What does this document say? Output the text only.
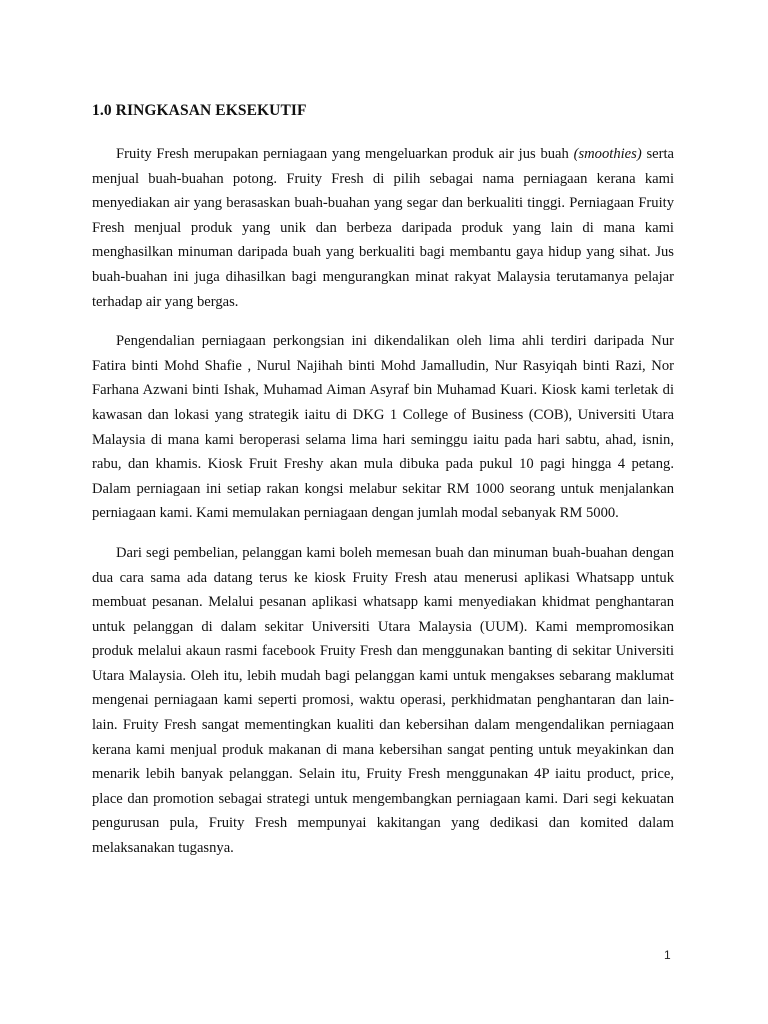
1.0 RINGKASAN EKSEKUTIF

Fruity Fresh merupakan perniagaan yang mengeluarkan produk air jus buah (smoothies) serta menjual buah-buahan potong. Fruity Fresh di pilih sebagai nama perniagaan kerana kami menyediakan air yang berasaskan buah-buahan yang segar dan berkualiti tinggi. Perniagaan Fruity Fresh menjual produk yang unik dan berbeza daripada produk yang lain di mana kami menghasilkan minuman daripada buah yang berkualiti bagi membantu gaya hidup yang sihat. Jus buah-buahan ini juga dihasilkan bagi mengurangkan minat rakyat Malaysia terutamanya pelajar terhadap air yang bergas.

Pengendalian perniagaan perkongsian ini dikendalikan oleh lima ahli terdiri daripada Nur Fatira binti Mohd Shafie , Nurul Najihah binti Mohd Jamalludin, Nur Rasyiqah binti Razi, Nor Farhana Azwani binti Ishak, Muhamad Aiman Asyraf bin Muhamad Kuari. Kiosk kami terletak di kawasan dan lokasi yang strategik iaitu di DKG 1 College of Business (COB), Universiti Utara Malaysia di mana kami beroperasi selama lima hari seminggu iaitu pada hari sabtu, ahad, isnin, rabu, dan khamis. Kiosk Fruit Freshy akan mula dibuka pada pukul 10 pagi hingga 4 petang. Dalam perniagaan ini setiap rakan kongsi melabur sekitar RM 1000 seorang untuk menjalankan perniagaan kami. Kami memulakan perniagaan dengan jumlah modal sebanyak RM 5000.

Dari segi pembelian, pelanggan kami boleh memesan buah dan minuman buah-buahan dengan dua cara sama ada datang terus ke kiosk Fruity Fresh atau menerusi aplikasi Whatsapp untuk membuat pesanan. Melalui pesanan aplikasi whatsapp kami menyediakan khidmat penghantaran untuk pelanggan di dalam sekitar Universiti Utara Malaysia (UUM). Kami mempromosikan produk melalui akaun rasmi facebook Fruity Fresh dan menggunakan banting di sekitar Universiti Utara Malaysia. Oleh itu, lebih mudah bagi pelanggan kami untuk mengakses sebarang maklumat mengenai perniagaan kami seperti promosi, waktu operasi, perkhidmatan penghantaran dan lain-lain. Fruity Fresh sangat mementingkan kualiti dan kebersihan dalam mengendalikan perniagaan kerana kami menjual produk makanan di mana kebersihan sangat penting untuk meyakinkan dan menarik lebih banyak pelanggan. Selain itu, Fruity Fresh menggunakan 4P iaitu product, price, place dan promotion sebagai strategi untuk mengembangkan perniagaan kami. Dari segi kekuatan pengurusan pula, Fruity Fresh mempunyai kakitangan yang dedikasi dan komited dalam melaksanakan tugasnya.

1
